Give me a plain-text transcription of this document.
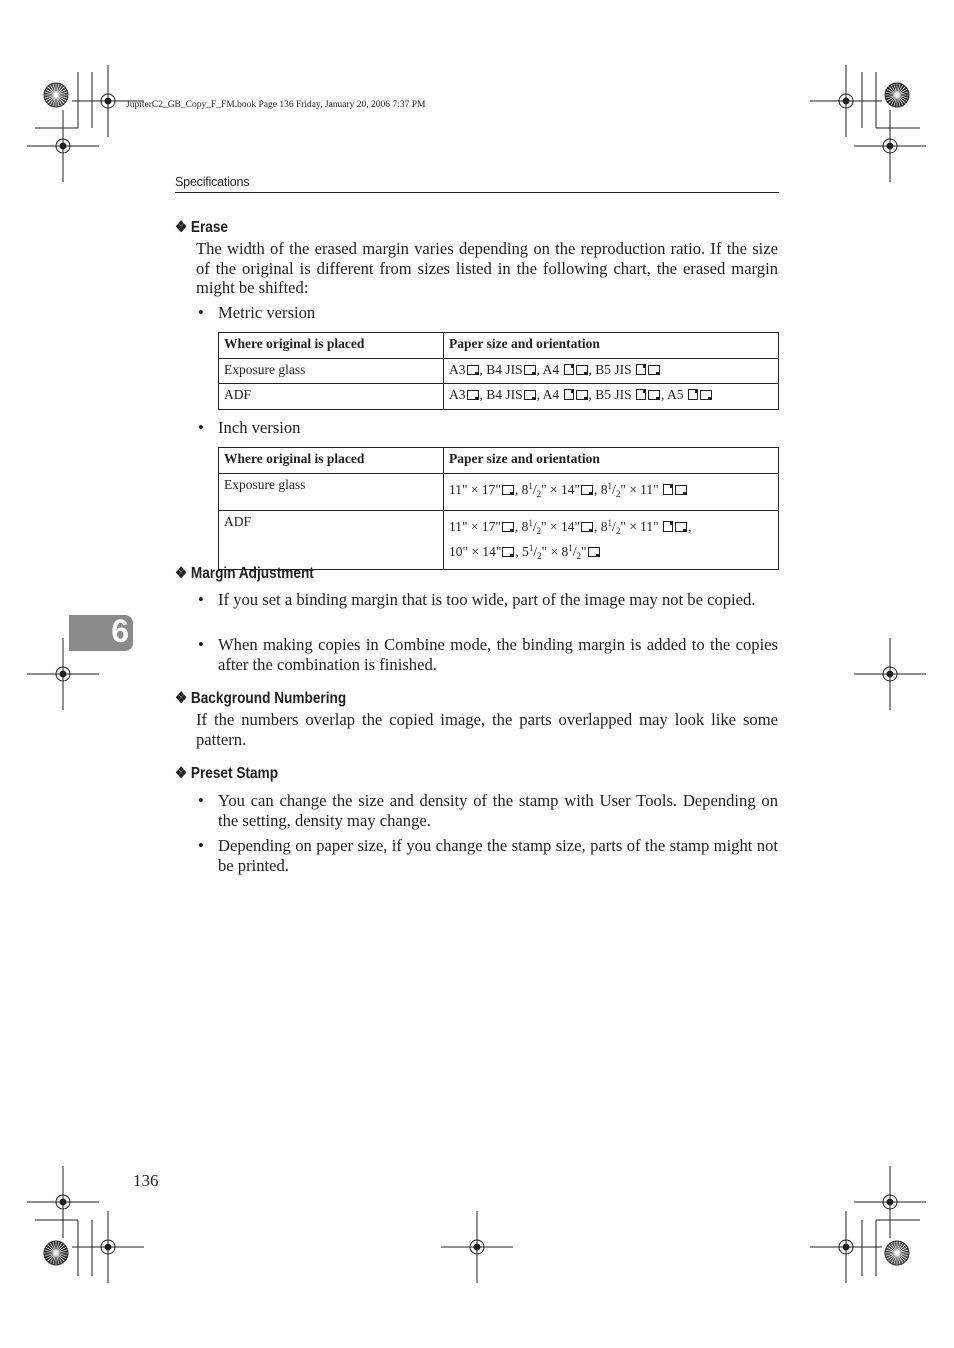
JupiterC2_GB_Copy_F_FM.book Page 136 Friday, January 20, 2006 7:37 PM
Specifications
❖ Erase
The width of the erased margin varies depending on the reproduction ratio. If the size of the original is different from sizes listed in the following chart, the erased margin might be shifted:
• Metric version
Where original is placed	Paper size and orientation
Exposure glass	A3 , B4 JIS , A4 , B5 JIS
ADF	A3 , B4 JIS , A4 , B5 JIS , A5
• Inch version
Where original is placed	Paper size and orientation
Exposure glass	11" × 17" , $8^1/_2$" × 14" , $8^1/_2$" × 11"
ADF	11" × 17" , $8^1/_2$" × 14" , $8^1/_2$" × 11" ,
10" × 14" , $5^1/_2$" × $8^1/_2$"
❖ Margin Adjustment
• If you set a binding margin that is too wide, part of the image may not be copied.
• When making copies in Combine mode, the binding margin is added to the copies after the combination is finished.
6
❖ Background Numbering
If the numbers overlap the copied image, the parts overlapped may look like some pattern.
❖ Preset Stamp
• You can change the size and density of the stamp with User Tools. Depending on the setting, density may change.
• Depending on paper size, if you change the stamp size, parts of the stamp might not be printed.
136
